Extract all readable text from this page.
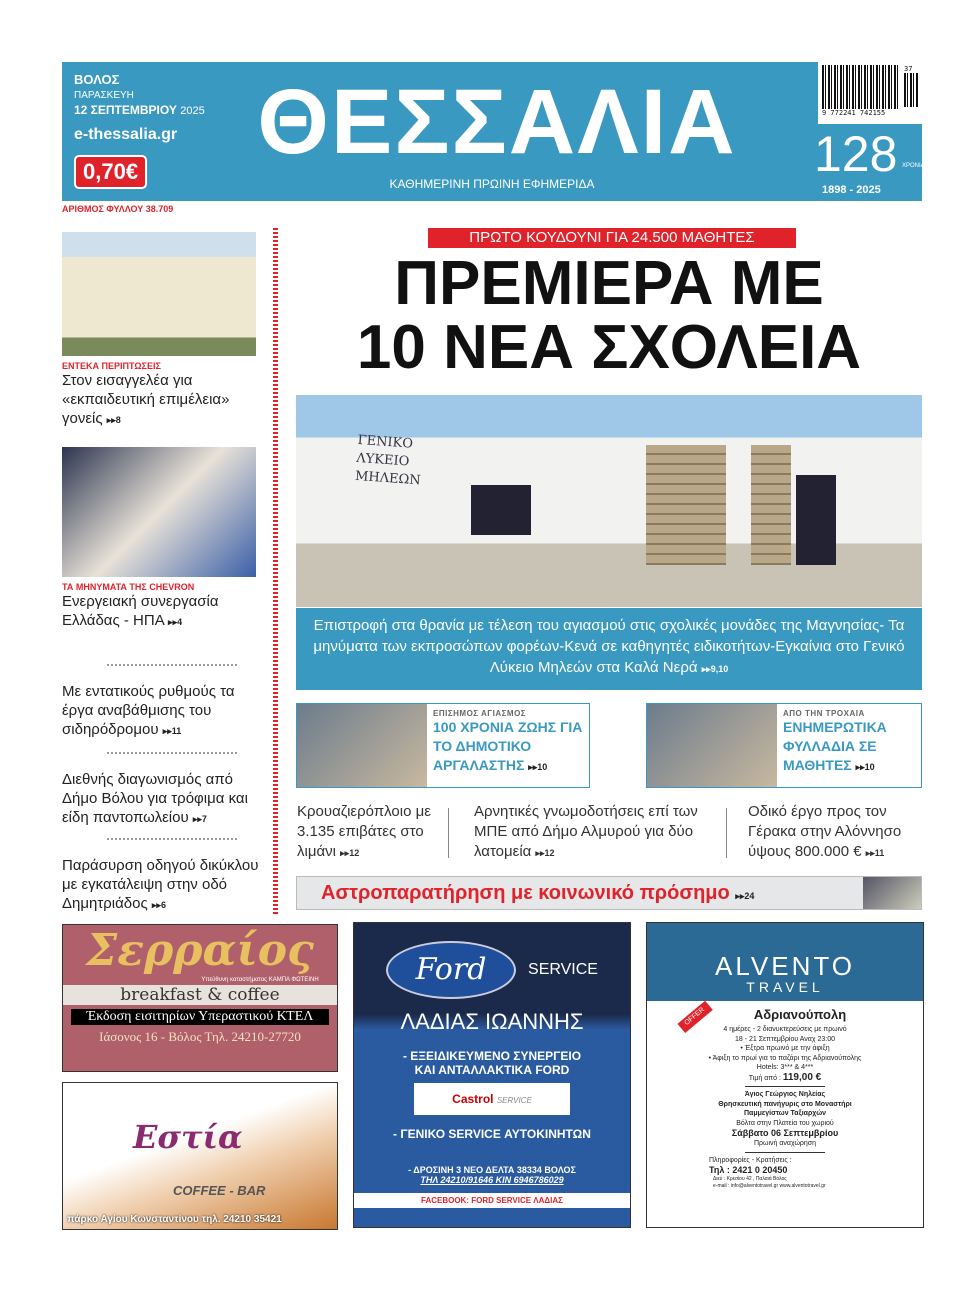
ΒΟΛΟΣ
ΠΑΡΑΣΚΕΥΗ
12 ΣΕΠΤΕΜΒΡΙΟΥ 2025
e-thessalia.gr
0,70€	ΘΕΣΣΑΛΙΑ
ΚΑΘΗΜΕΡΙΝΗ ΠΡΩΙΝΗ ΕΦΗΜΕΡΙΔΑ
37
9 772241 742155
128 ΧΡΟΝΙΑ
1898 - 2025
ΑΡΙΘΜΟΣ ΦΥΛΛΟΥ 38.709
ΕΝΤΕΚΑ ΠΕΡΙΠΤΩΣΕΙΣ
Στον εισαγγελέα για «εκπαιδευτική επιμέλεια» γονείς ▸▸8
ΤΑ ΜΗΝΥΜΑΤΑ ΤΗΣ CHEVRON
Ενεργειακή συνεργασία Ελλάδας - ΗΠΑ ▸▸4
Με εντατικούς ρυθμούς τα έργα αναβάθμισης του σιδηρόδρομου ▸▸11
Διεθνής διαγωνισμός από Δήμο Βόλου για τρόφιμα και είδη παντοπωλείου ▸▸7
Παράσυρση οδηγού δικύκλου με εγκατάλειψη στην οδό Δημητριάδος ▸▸6
ΠΡΩΤΟ ΚΟΥΔΟΥΝΙ ΓΙΑ 24.500 ΜΑΘΗΤΕΣ
ΠΡΕΜΙΕΡΑ ΜΕ
10 ΝΕΑ ΣΧΟΛΕΙΑ
ΓΕΝΙΚΟ ΛΥΚΕΙΟ ΜΗΛΕΩΝ
Επιστροφή στα θρανία με τέλεση του αγιασμού στις σχολικές μονάδες της Μαγνησίας- Τα μηνύματα των εκπροσώπων φορέων-Κενά σε καθηγητές ειδικοτήτων-Εγκαίνια στο Γενικό Λύκειο Μηλεών στα Καλά Νερά ▸▸9,10
ΕΠΙΣΗΜΟΣ ΑΓΙΑΣΜΟΣ
100 ΧΡΟΝΙΑ ΖΩΗΣ ΓΙΑ ΤΟ ΔΗΜΟΤΙΚΟ ΑΡΓΑΛΑΣΤΗΣ ▸▸10
ΑΠΟ ΤΗΝ ΤΡΟΧΑΙΑ
ΕΝΗΜΕΡΩΤΙΚΑ ΦΥΛΛΑΔΙΑ ΣΕ ΜΑΘΗΤΕΣ ▸▸10
Κρουαζιερόπλοιο με 3.135 επιβάτες στο λιμάνι ▸▸12
Αρνητικές γνωμοδοτήσεις επί των ΜΠΕ από Δήμο Αλμυρού για δύο λατομεία ▸▸12
Οδικό έργο προς τον Γέρακα στην Αλόννησο ύψους 800.000 € ▸▸11
Αστροπαρατήρηση με κοινωνικό πρόσημο ▸▸24
Σερραίος
Υπεύθυνη καταστήματος ΚΑΜΠΑ ΦΩΤΕΙΝΗ
breakfast & coffee
Έκδοση εισιτηρίων Υπεραστικού ΚΤΕΛ
Ιάσονος 16 - Βόλος Τηλ. 24210-27720
Εστία
COFFEE - BAR
πάρκο Αγίου Κωνσταντίνου τηλ. 24210 35421
Ford	SERVICE
ΛΑΔΙΑΣ ΙΩΑΝΝΗΣ
- ΕΞΕΙΔΙΚΕΥΜΕΝΟ ΣΥΝΕΡΓΕΙΟ
ΚΑΙ ΑΝΤΑΛΛΑΚΤΙΚΑ FORD
Castrol SERVICE
- ΓΕΝΙΚΟ SERVICE ΑΥΤΟΚΙΝΗΤΩΝ
- ΔΡΟΣΙΝΗ 3 ΝΕΟ ΔΕΛΤΑ 38334 ΒΟΛΟΣ
ΤΗΛ 24210/91646 ΚΙΝ 6946786029
FACEBOOK: FORD SERVICE ΛΑΔΙΑΣ
ALVENTO
TRAVEL
OFFER	Αδριανούπολη
4 ημέρες - 2 διανυκτερεύσεις με πρωινό
18 - 21 Σεπτεμβρίου Αναχ 23:00
• Έξτρα πρωινό με την άφιξη
• Άφιξη το πρωί για το παζάρι της Αδριανούπολης
Hotels: 3*** & 4***
Τιμή από : 119,00 €
Άγιος Γεώργιος Νηλείας
Θρησκευτική πανήγυρις στο Μοναστήρι
Παμμεγίστων Ταξιαρχών
Βόλτα στην Πλατεία του χωριού
Σάββατο 06 Σεπτεμβρίου
Πρωινή αναχώρηση
Πληροφορίες - Κρατήσεις :
Τηλ : 2421 0 20450
Διεύ : Κρεσίου 42 , Παλαιά Βόλος
e-mail : info@alventotravel.gr www.alventotravel.gr
